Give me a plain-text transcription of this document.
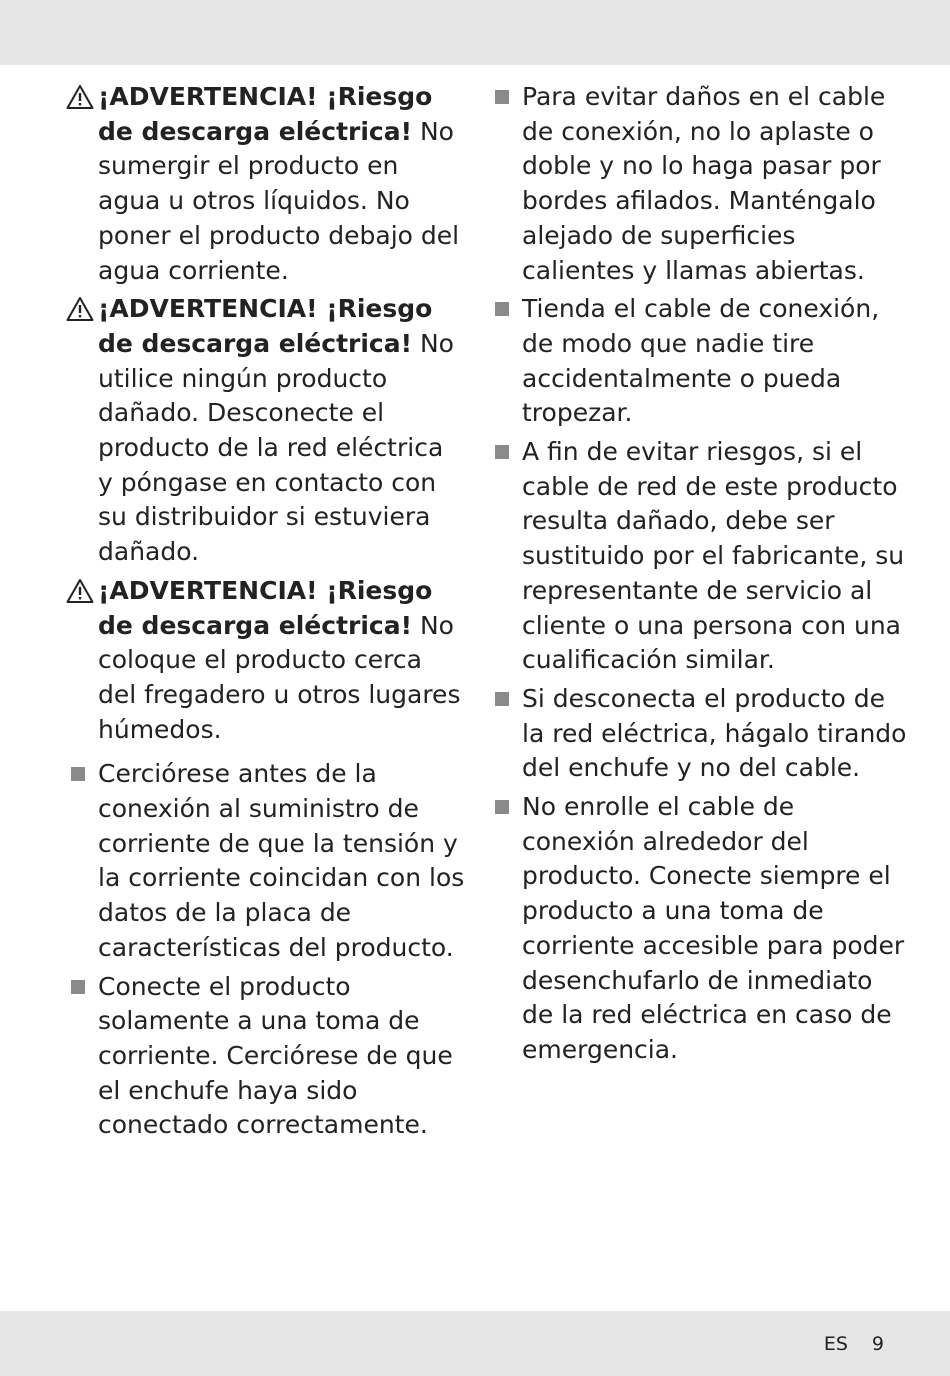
¡ADVERTENCIA! ¡Riesgo de descarga eléctrica! No sumergir el producto en agua u otros líquidos. No poner el producto debajo del agua corriente.
¡ADVERTENCIA! ¡Riesgo de descarga eléctrica! No utilice ningún producto dañado. Desconecte el producto de la red eléctrica y póngase en contacto con su distribuidor si estuviera dañado.
¡ADVERTENCIA! ¡Riesgo de descarga eléctrica! No coloque el producto cerca del fregadero u otros lugares húmedos.
Cerciórese antes de la conexión al suministro de corriente de que la tensión y la corriente coincidan con los datos de la placa de características del producto.
Conecte el producto solamente a una toma de corriente. Cerciórese de que el enchufe haya sido conectado correctamente.
Para evitar daños en el cable de conexión, no lo aplaste o doble y no lo haga pasar por bordes afilados. Manténgalo alejado de superficies calientes y llamas abiertas.
Tienda el cable de conexión, de modo que nadie tire accidentalmente o pueda tropezar.
A fin de evitar riesgos, si el cable de red de este producto resulta dañado, debe ser sustituido por el fabricante, su representante de servicio al cliente o una persona con una cualificación similar.
Si desconecta el producto de la red eléctrica, hágalo tirando del enchufe y no del cable.
No enrolle el cable de conexión alrededor del producto. Conecte siempre el producto a una toma de corriente accesible para poder desenchufarlo de inmediato de la red eléctrica en caso de emergencia.
ES 9
